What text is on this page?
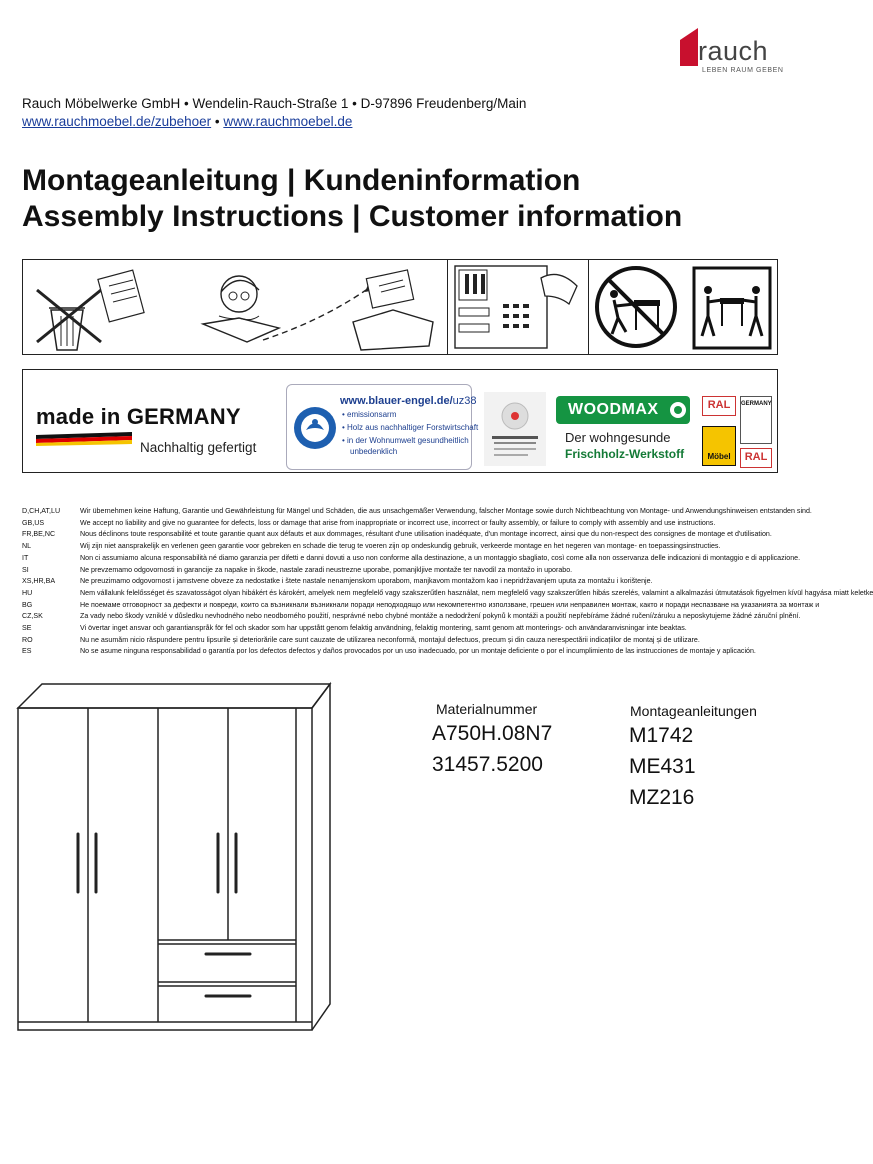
rauch
LEBEN RAUM GEBEN
Rauch Möbelwerke GmbH • Wendelin-Rauch-Straße 1 • D-97896 Freudenberg/Main
www.rauchmoebel.de/zubehoer • www.rauchmoebel.de
Montageanleitung | Kundeninformation
Assembly Instructions | Customer information
made in GERMANY
Nachhaltig gefertigt
www.blauer-engel.de/uz38
• emissionsarm
• Holz aus nachhaltiger Forstwirtschaft
• in der Wohnumwelt gesundheitlich
unbedenklich
WOODMAX
Der wohngesunde
Frischholz-Werkstoff
RAL
Möbel
GERMANY
RAL
D,CH,AT,LU	Wir übernehmen keine Haftung, Garantie und Gewährleistung für Mängel und Schäden, die aus unsachgemäßer Verwendung, falscher Montage sowie durch Nichtbeachtung von Montage- und Anwendungshinweisen entstanden sind.
GB,US	We accept no liability and give no guarantee for defects, loss or damage that arise from inappropriate or incorrect use, incorrect or faulty assembly, or failure to comply with assembly and use instructions.
FR,BE,NC	Nous déclinons toute responsabilité et toute garantie quant aux défauts et aux dommages, résultant d'une utilisation inadéquate, d'un montage incorrect, ainsi que du non-respect des consignes de montage et d'utilisation.
NL	Wij zijn niet aansprakelijk en verlenen geen garantie voor gebreken en schade die terug te voeren zijn op ondeskundig gebruik, verkeerde montage en het negeren van montage- en toepassingsinstructies.
IT	Non ci assumiamo alcuna responsabilità né diamo garanzia per difetti e danni dovuti a uso non conforme alla destinazione, a un montaggio sbagliato, così come alla non osservanza delle indicazioni di montaggio e di applicazione.
SI	Ne prevzemamo odgovornosti in garancije za napake in škode, nastale zaradi neustrezne uporabe, pomanjkljive montaže ter navodil za montažo in uporabo.
XS,HR,BA	Ne preuzimamo odgovornost i jamstvene obveze za nedostatke i štete nastale nenamjenskom uporabom, manjkavom montažom kao i nepridržavanjem uputa za montažu i korištenje.
HU	Nem vállalunk felelősséget és szavatosságot olyan hibákért és károkért, amelyek nem megfelelő vagy szakszerűtlen használat, nem megfelelő vagy szakszerűtlen hibás szerelés, valamint a alkalmazási útmutatások figyelmen kívül hagyása miatt keletke
BG	Не поемаме отговорност за дефекти и повреди, които са възникнали възникнали поради неподходящо или некомпетентно използване, грешен или неправилен монтаж, както и поради неспазване на указанията за монтаж и
CZ,SK	Za vady nebo škody vzniklé v důsledku nevhodného nebo neodborného použití, nesprávné nebo chybné montáže a nedodržení pokynů k montáži a použití nepřebíráme žádné ručení/záruku a neposkytujeme žádné záruční plnění.
SE	Vi övertar inget ansvar och garantianspråk för fel och skador som har uppstått genom felaktig användning, felaktig montering, samt genom att monterings- och användaranvisningar inte beaktas.
RO	Nu ne asumăm nicio răspundere pentru lipsurile și deteriorările care sunt cauzate de utilizarea neconformă, montajul defectuos, precum și din cauza nerespectării indicațiilor de montaj și de utilizare.
ES	No se asume ninguna responsabilidad o garantía por los defectos defectos y daños provocados por un uso inadecuado, por un montaje deficiente o por el incumplimiento de las instrucciones de montaje y aplicación.
Materialnummer
A750H.08N7
31457.5200
Montageanleitungen
M1742
ME431
MZ216
